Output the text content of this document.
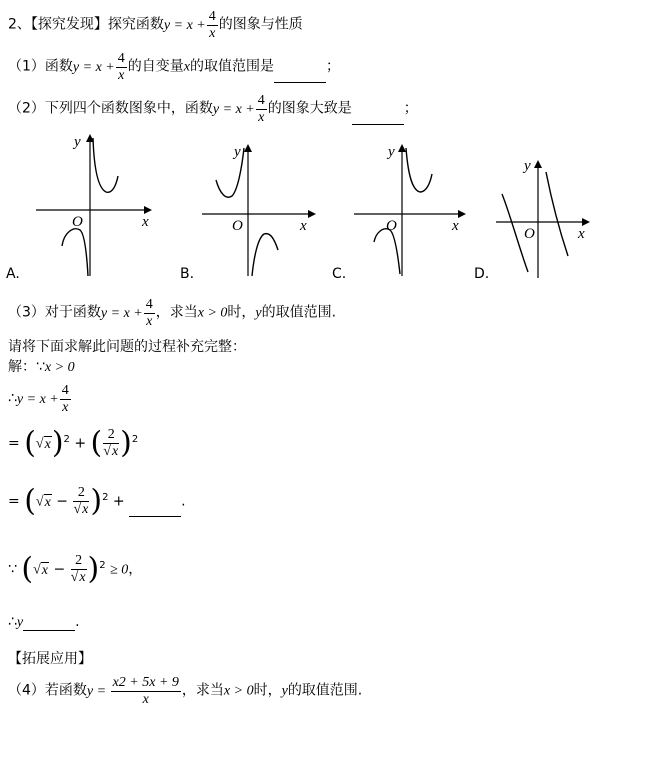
2、【探究发现】探究函数$y = x + \frac{4}{x}$ 的图象与性质
（1）函数$y = x + \frac{4}{x}$ 的自变量x的取值范围是	；
（2）下列四个函数图象中，函数$y = x + \frac{4}{x}$ 的图象大致是	；
y
x
O
A.
y
x
O
B.
y
x
O
C.
y
x
O
D.
（3）对于函数$y = x + \frac{4}{x}$ ，求当x > 0时，y的取值范围.
请将下面求解此问题的过程补充完整：
解：∵x > 0
∴y = $x + \frac{4}{x}$
= $(√x)^2$ + ( $\frac{2}{√x} )^2$
= $(√x - \frac{2}{√x} )^2$ +	.
∵ $(√x - \frac{2}{√x} )^2 \ge 0$，
∴y	.
【拓展应用】
（4）若函数$y = \frac{x2 + 5x + 9}{x}$ ，求当x > 0时，y的取值范围.
